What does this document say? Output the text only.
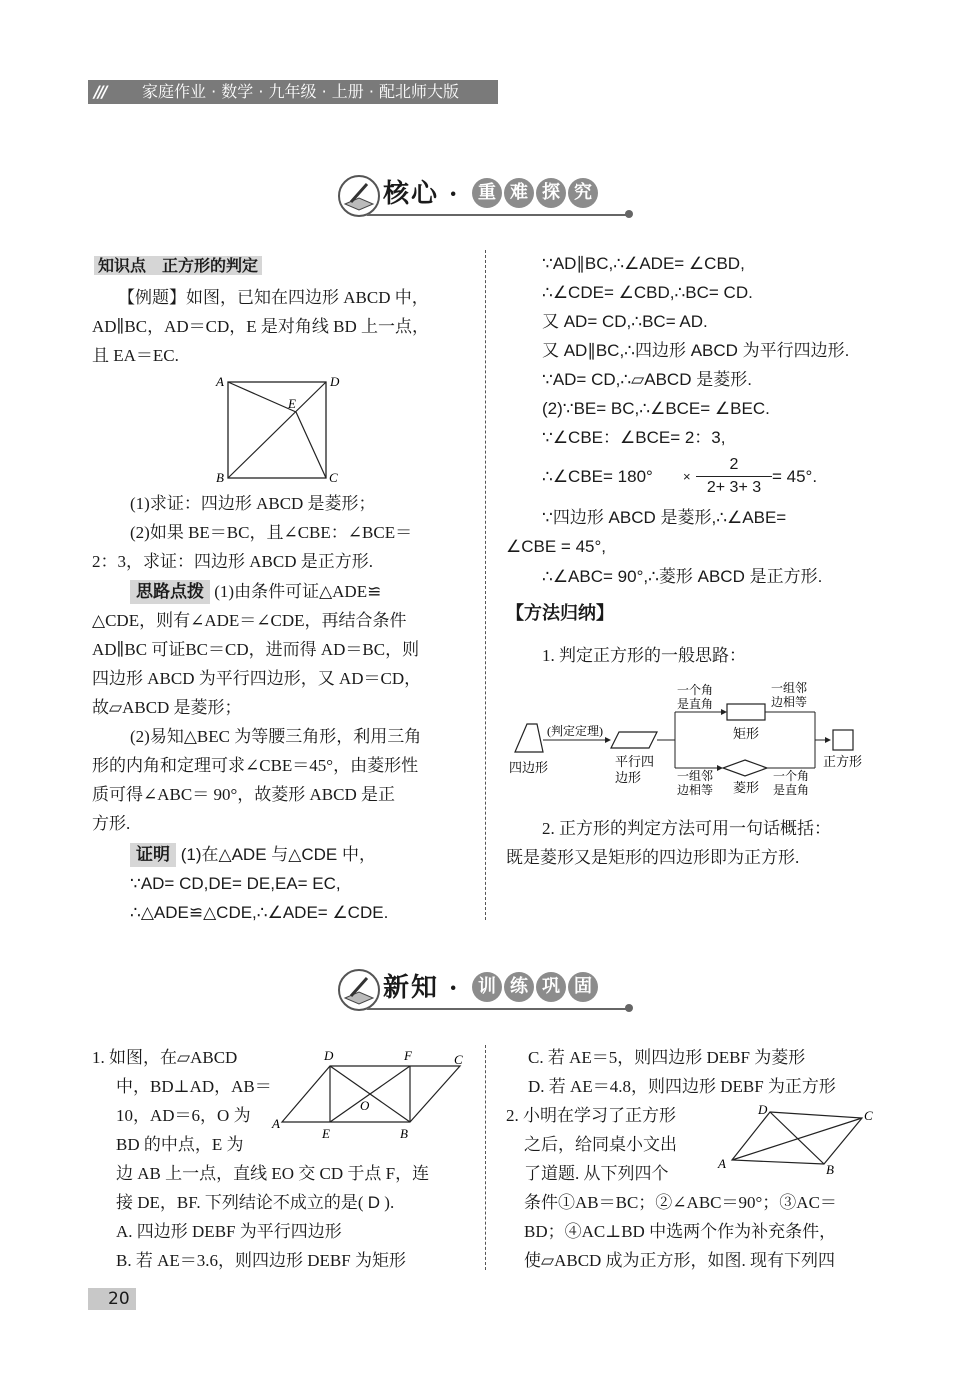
/// 家庭作业 · 数学 · 九年级 · 上册 · 配北师大版
核心 ·	重 难 探 究
知识点　正方形的判定
【例题】如图，已知在四边形 ABCD 中，
AD∥BC，AD＝CD，E 是对角线 BD 上一点，
且 EA＝EC.
A	D
E
B	C
(1)求证：四边形 ABCD 是菱形；
(2)如果 BE＝BC，且∠CBE：∠BCE＝
2：3，求证：四边形 ABCD 是正方形.
思路点拨 (1)由条件可证△ADE≌
△CDE，则有∠ADE＝∠CDE，再结合条件
AD∥BC 可证BC＝CD，进而得 AD＝BC，则
四边形 ABCD 为平行四边形，又 AD＝CD，
故▱ABCD 是菱形；
(2)易知△BEC 为等腰三角形，利用三角
形的内角和定理可求∠CBE＝45°，由菱形性
质可得∠ABC＝ 90°，故菱形 ABCD 是正
方形.
证明 (1)在△ADE 与△CDE 中，
∵AD= CD,DE= DE,EA= EC,
∴△ADE≌△CDE,∴∠ADE= ∠CDE.
∵AD∥BC,∴∠ADE= ∠CBD,
∴∠CDE= ∠CBD,∴BC= CD.
又 AD= CD,∴BC= AD.
又 AD∥BC,∴四边形 ABCD 为平行四边形.
∵AD= CD,∴▱ABCD 是菱形.
(2)∵BE= BC,∴∠BCE= ∠BEC.
∵∠CBE：∠BCE= 2：3,
∴∠CBE= 180° ×
2
2+ 3+ 3
= 45°.
∵四边形 ABCD 是菱形,∴∠ABE=
∠CBE = 45°,
∴∠ABC= 90°,∴菱形 ABCD 是正方形.
【方法归纳】
1. 判定正方形的一般思路：
四边形
(判定定理)
平行四
边形
一个角
是直角
矩形
一组邻
边相等
一组邻
边相等 菱形
一个角
是直角
正方形
2. 正方形的判定方法可用一句话概括：
既是菱形又是矩形的四边形即为正方形.
新知 ·	训 练 巩 固
1. 如图，在▱ABCD
中，BD⊥AD，AB＝
10，AD＝6，O 为
BD 的中点，E 为
边 AB 上一点，直线 EO 交 CD 于点 F，连
接 DE，BF. 下列结论不成立的是( D ).
A. 四边形 DEBF 为平行四边形
B. 若 AE＝3.6，则四边形 DEBF 为矩形
D	F	C
O
A
E	B
C. 若 AE＝5，则四边形 DEBF 为菱形
D. 若 AE＝4.8，则四边形 DEBF 为正方形
2. 小明在学习了正方形
之后，给同桌小文出
了道题. 从下列四个
条件①AB＝BC；②∠ABC＝90°；③AC＝
BD；④AC⊥BD 中选两个作为补充条件，
使▱ABCD 成为正方形，如图. 现有下列四
D	C
A	B
20
